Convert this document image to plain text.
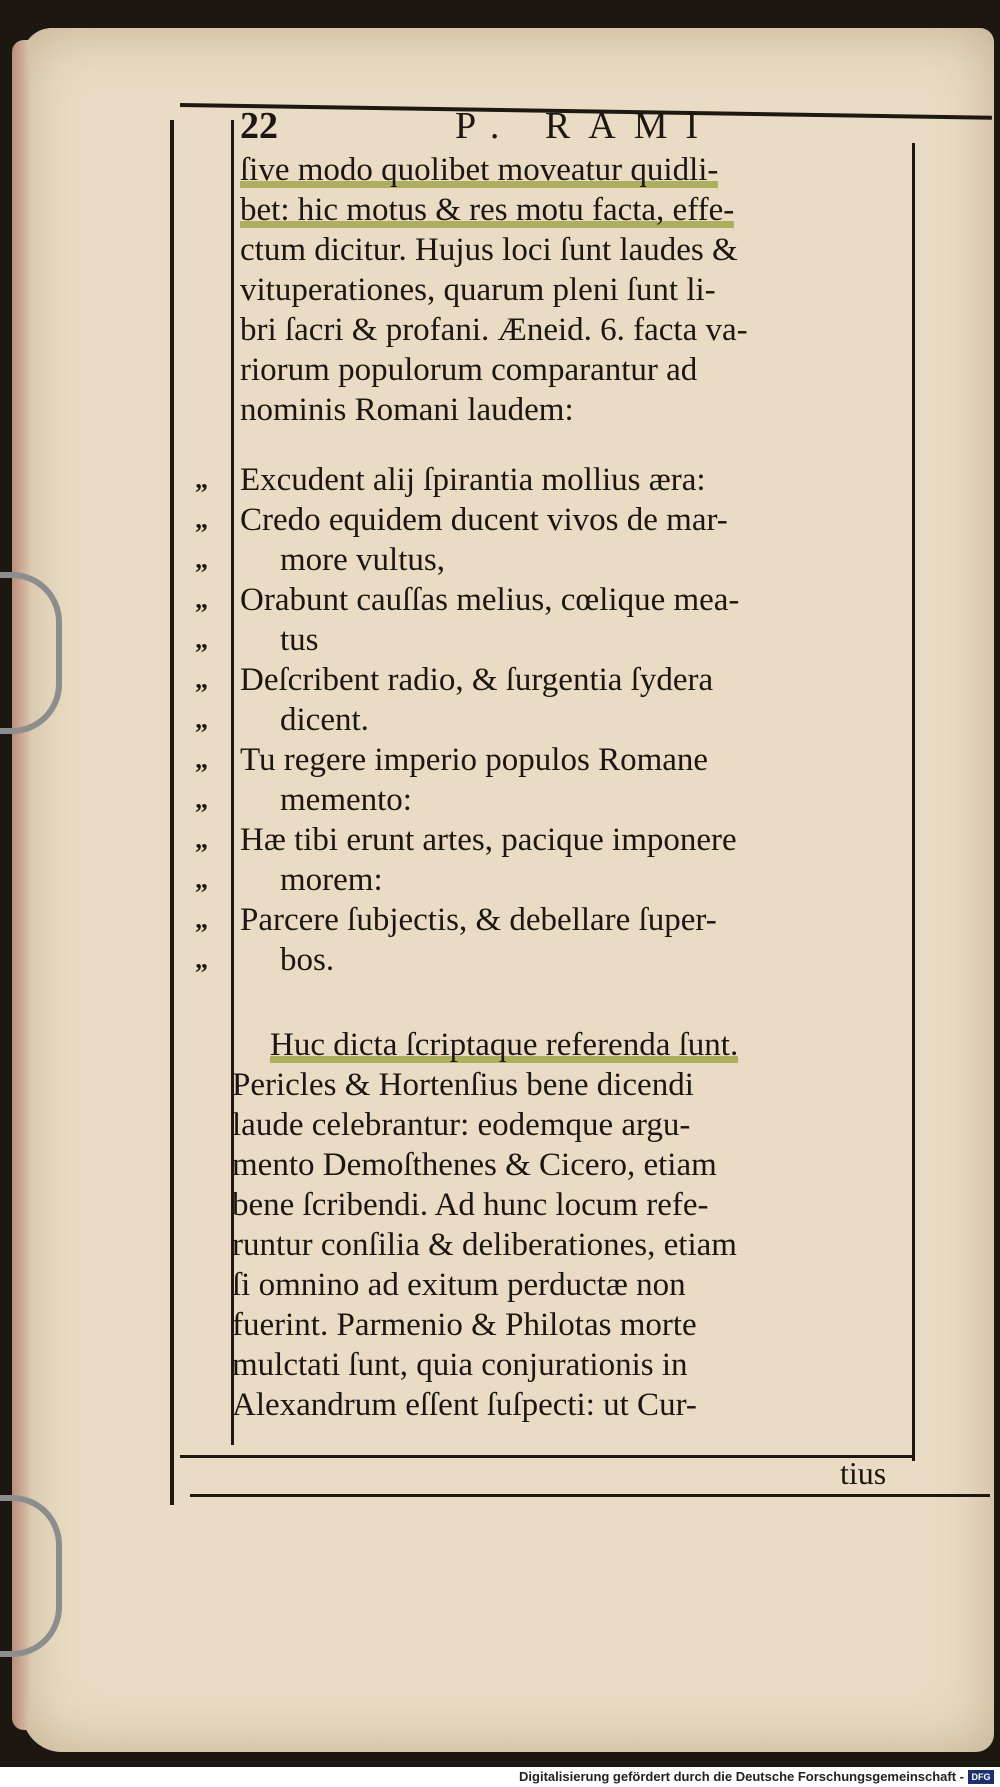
22	P. RAMI
ſive modo quolibet moveatur quidli-
bet: hic motus & res motu facta, effe-
ctum dicitur. Hujus loci ſunt laudes &
vituperationes, quarum pleni ſunt li-
bri ſacri & profani. Æneid. 6. facta va-
riorum populorum comparantur ad
nominis Romani laudem:
„ Excudent alij ſpirantia mollius æra:
„ Credo equidem ducent vivos de mar-
„ more vultus,
„ Orabunt cauſſas melius, cœlique mea-
„ tus
„ Deſcribent radio, & ſurgentia ſydera
„ dicent.
„ Tu regere imperio populos Romane
„ memento:
„ Hæ tibi erunt artes, pacique imponere
„ morem:
„ Parcere ſubjectis, & debellare ſuper-
„ bos.
Huc dicta ſcriptaque referenda ſunt.
Pericles & Hortenſius bene dicendi
laude celebrantur: eodemque argu-
mento Demoſthenes & Cicero, etiam
bene ſcribendi. Ad hunc locum refe-
runtur conſilia & deliberationes, etiam
ſi omnino ad exitum perductæ non
fuerint. Parmenio & Philotas morte
mulctati ſunt, quia conjurationis in
Alexandrum eſſent ſuſpecti: ut Cur-
tius
Digitalisierung gefördert durch die Deutsche Forschungsgemeinschaft - DFG
